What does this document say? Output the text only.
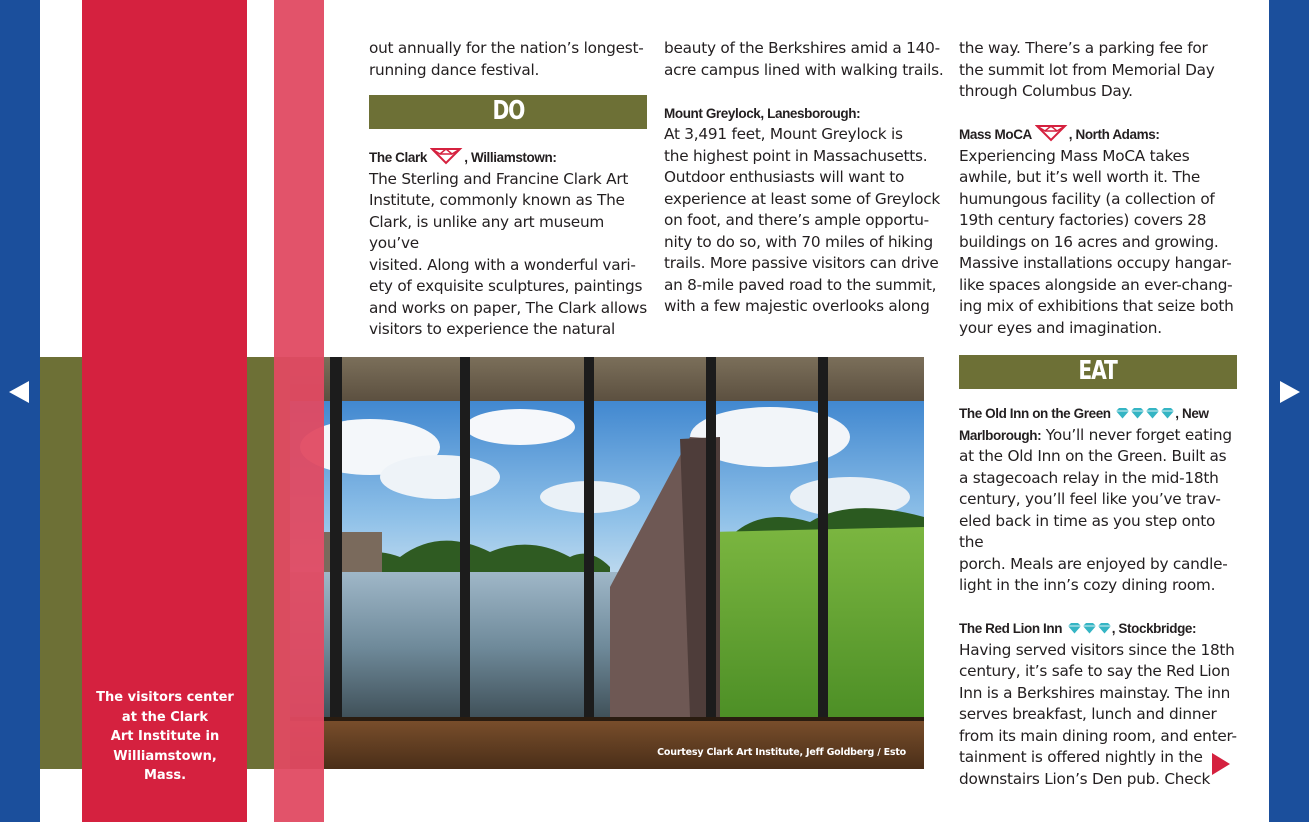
Courtesy Clark Art Institute, Jeff Goldberg / Esto
The visitors center
at the Clark
Art Institute in
Williamstown, Mass.

out annually for the nation’s longest-

running dance festival.

DO

The Clark	, Williamstown:

The Sterling and Francine Clark Art

Institute, commonly known as The

Clark, is unlike any art museum you’ve

visited. Along with a wonderful vari-

ety of exquisite sculptures, paintings

and works on paper, The Clark allows

visitors to experience the natural

beauty of the Berkshires amid a 140-

acre campus lined with walking trails.

Mount Greylock, Lanesborough:

At 3,491 feet, Mount Greylock is

the highest point in Massachusetts.

Outdoor enthusiasts will want to

experience at least some of Greylock

on foot, and there’s ample opportu-

nity to do so, with 70 miles of hiking

trails. More passive visitors can drive

an 8-mile paved road to the summit,

with a few majestic overlooks along

the way. There’s a parking fee for

the summit lot from Memorial Day

through Columbus Day.

Mass MoCA	, North Adams:

Experiencing Mass MoCA takes

awhile, but it’s well worth it. The

humungous facility (a collection of

19th century factories) covers 28

buildings on 16 acres and growing.

Massive installations occupy hangar-

like spaces alongside an ever-chang-

ing mix of exhibitions that seize both

your eyes and imagination.

EAT

The Old Inn on the Green	, New

Marlborough: You’ll never forget eating

at the Old Inn on the Green. Built as

a stagecoach relay in the mid-18th

century, you’ll feel like you’ve trav-

eled back in time as you step onto the

porch. Meals are enjoyed by candle-

light in the inn’s cozy dining room.

The Red Lion Inn	, Stockbridge:

Having served visitors since the 18th

century, it’s safe to say the Red Lion

Inn is a Berkshires mainstay. The inn

serves breakfast, lunch and dinner

from its main dining room, and enter-

tainment is offered nightly in the

downstairs Lion’s Den pub. Check
